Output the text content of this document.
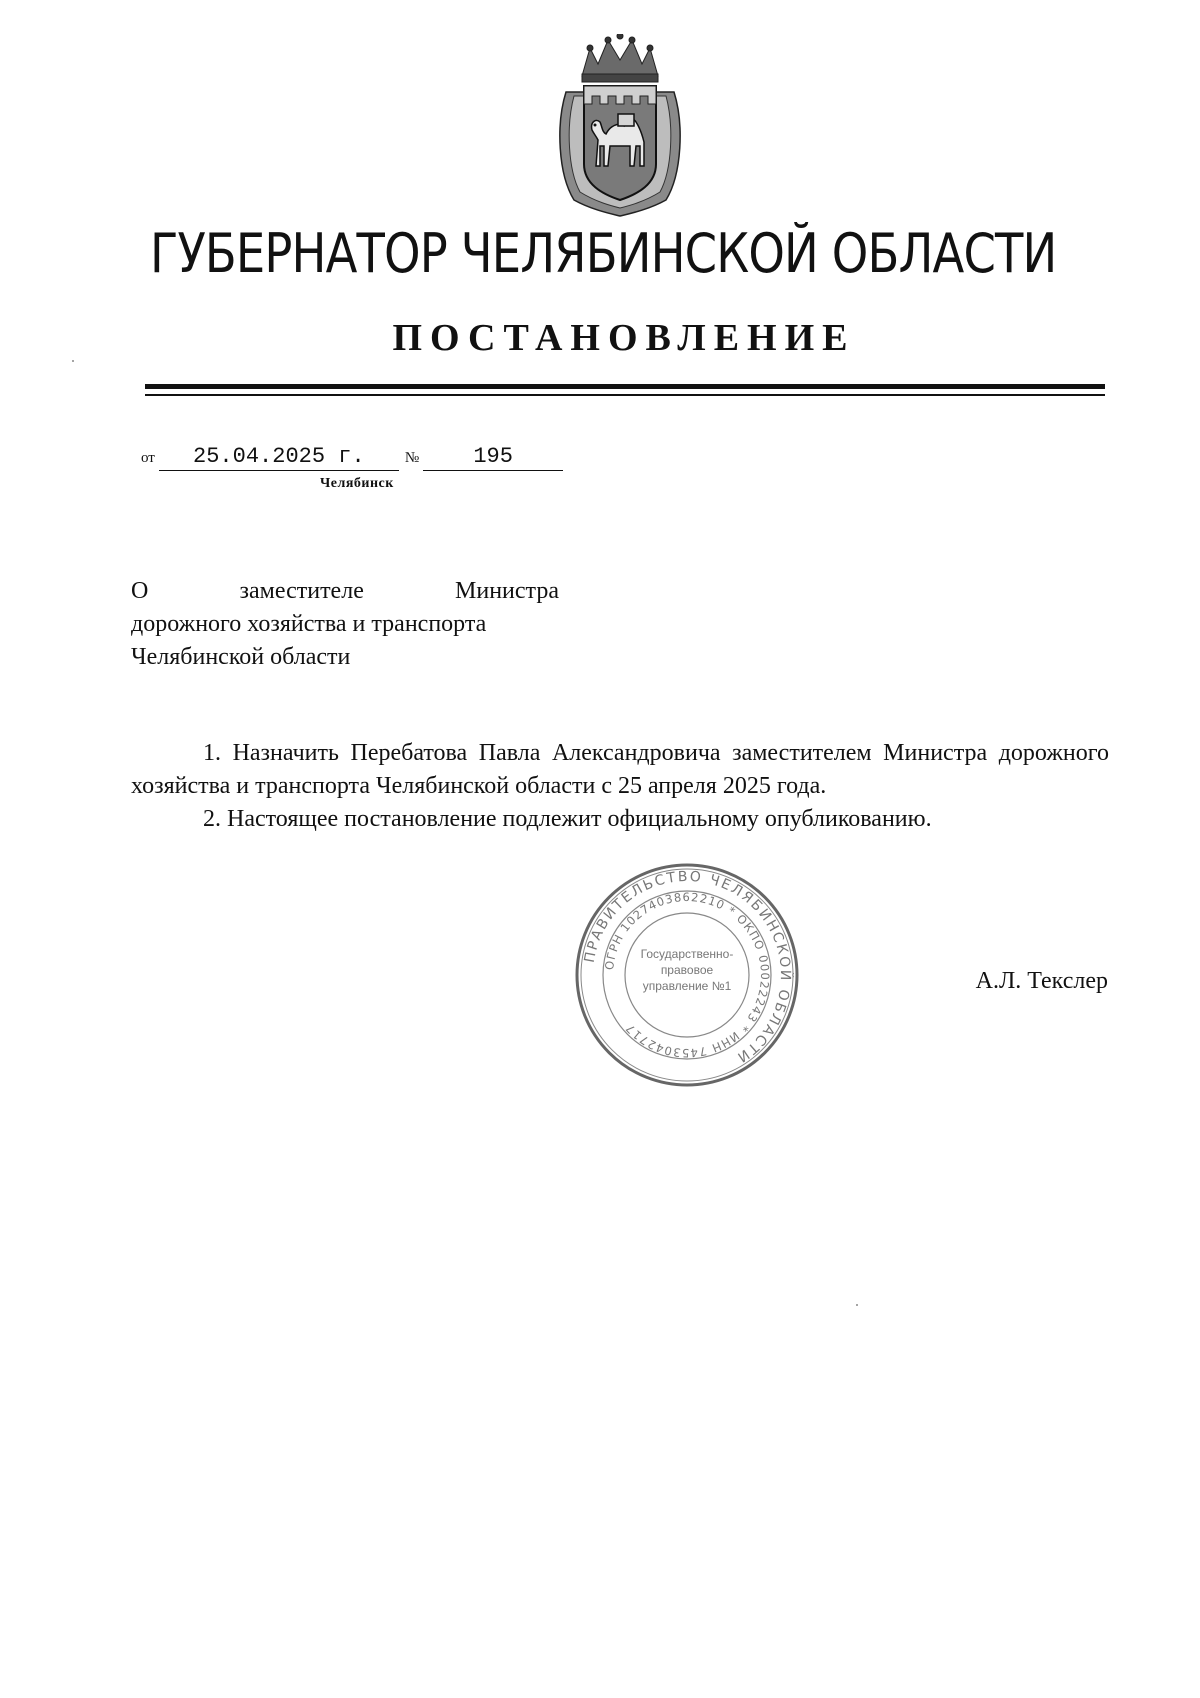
ГУБЕРНАТОР ЧЕЛЯБИНСКОЙ ОБЛАСТИ
ПОСТАНОВЛЕНИЕ
от 25.04.2025 г.	№ 195
Челябинск
О	заместителе	Министра
дорожного хозяйства и транспорта
Челябинской области

1. Назначить Перебатова Павла Александровича заместителем Министра дорожного хозяйства и транспорта Челябинской области с 25 апреля 2025 года.

2. Настоящее постановление подлежит официальному опубликованию.

ПРАВИТЕЛЬСТВО ЧЕЛЯБИНСКОЙ ОБЛАСТИ
ОГРН 1027403862210 * ОКПО 00022243 * ИНН 7453042717
Государственно-правовое управление №1	А.Л. Текслер
